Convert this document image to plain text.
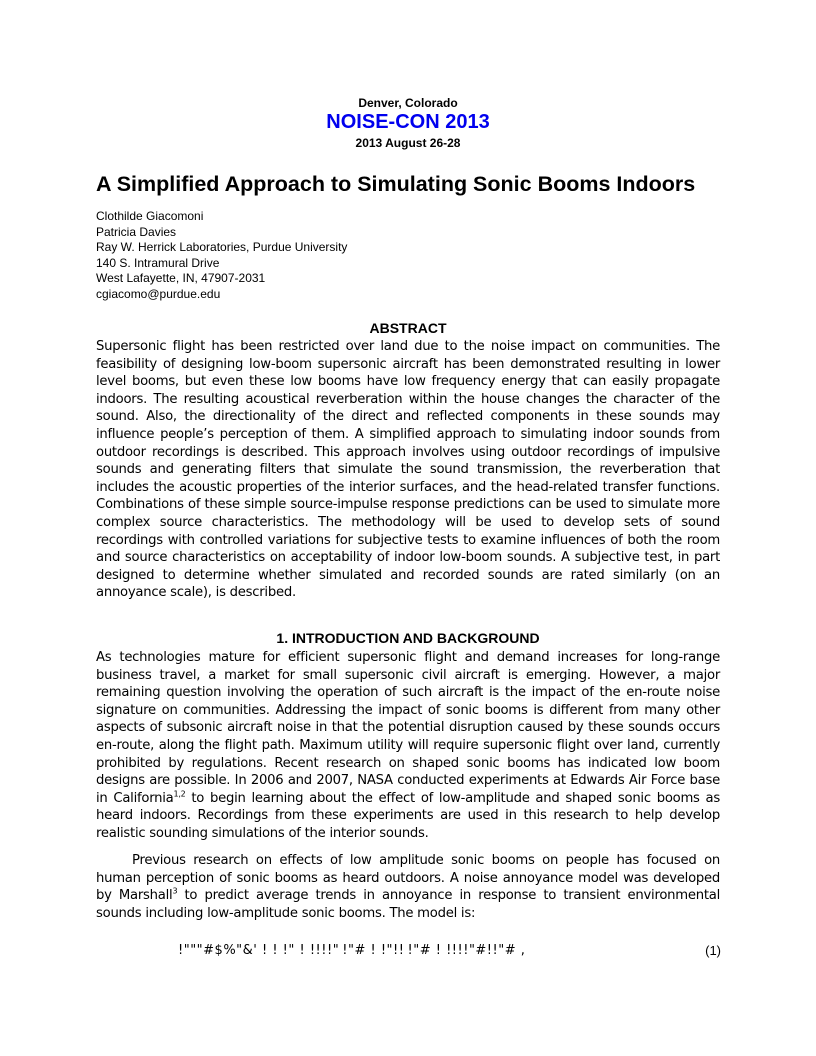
Denver, Colorado
NOISE-CON 2013
2013 August 26-28
A Simplified Approach to Simulating Sonic Booms Indoors
Clothilde Giacomoni
Patricia Davies
Ray W. Herrick Laboratories, Purdue University
140 S. Intramural Drive
West Lafayette, IN, 47907-2031
cgiacomo@purdue.edu
ABSTRACT

Supersonic flight has been restricted over land due to the noise impact on communities. The feasibility of designing low-boom supersonic aircraft has been demonstrated resulting in lower level booms, but even these low booms have low frequency energy that can easily propagate indoors. The resulting acoustical reverberation within the house changes the character of the sound. Also, the directionality of the direct and reflected components in these sounds may influence people’s perception of them. A simplified approach to simulating indoor sounds from outdoor recordings is described. This approach involves using outdoor recordings of impulsive sounds and generating filters that simulate the sound transmission, the reverberation that includes the acoustic properties of the interior surfaces, and the head-related transfer functions. Combinations of these simple source-impulse response predictions can be used to simulate more complex source characteristics. The methodology will be used to develop sets of sound recordings with controlled variations for subjective tests to examine influences of both the room and source characteristics on acceptability of indoor low-boom sounds. A subjective test, in part designed to determine whether simulated and recorded sounds are rated similarly (on an annoyance scale), is described.

1. INTRODUCTION AND BACKGROUND

As technologies mature for efficient supersonic flight and demand increases for long-range business travel, a market for small supersonic civil aircraft is emerging. However, a major remaining question involving the operation of such aircraft is the impact of the en-route noise signature on communities. Addressing the impact of sonic booms is different from many other aspects of subsonic aircraft noise in that the potential disruption caused by these sounds occurs en-route, along the flight path. Maximum utility will require supersonic flight over land, currently prohibited by regulations. Recent research on shaped sonic booms has indicated low boom designs are possible. In 2006 and 2007, NASA conducted experiments at Edwards Air Force base in California$^{1,2}$ to begin learning about the effect of low-amplitude and shaped sonic booms as heard indoors. Recordings from these experiments are used in this research to help develop realistic sounding simulations of the interior sounds.

Previous research on effects of low amplitude sonic booms on people has focused on human perception of sonic booms as heard outdoors. A noise annoyance model was developed by Marshall$^3$ to predict average trends in annoyance in response to transient environmental sounds including low-amplitude sonic booms. The model is:

!"""#$%"&' ! ! !" ! !!!!" !"# ! !"!! !"# ! !!!!"#!!"# ,	(1)
